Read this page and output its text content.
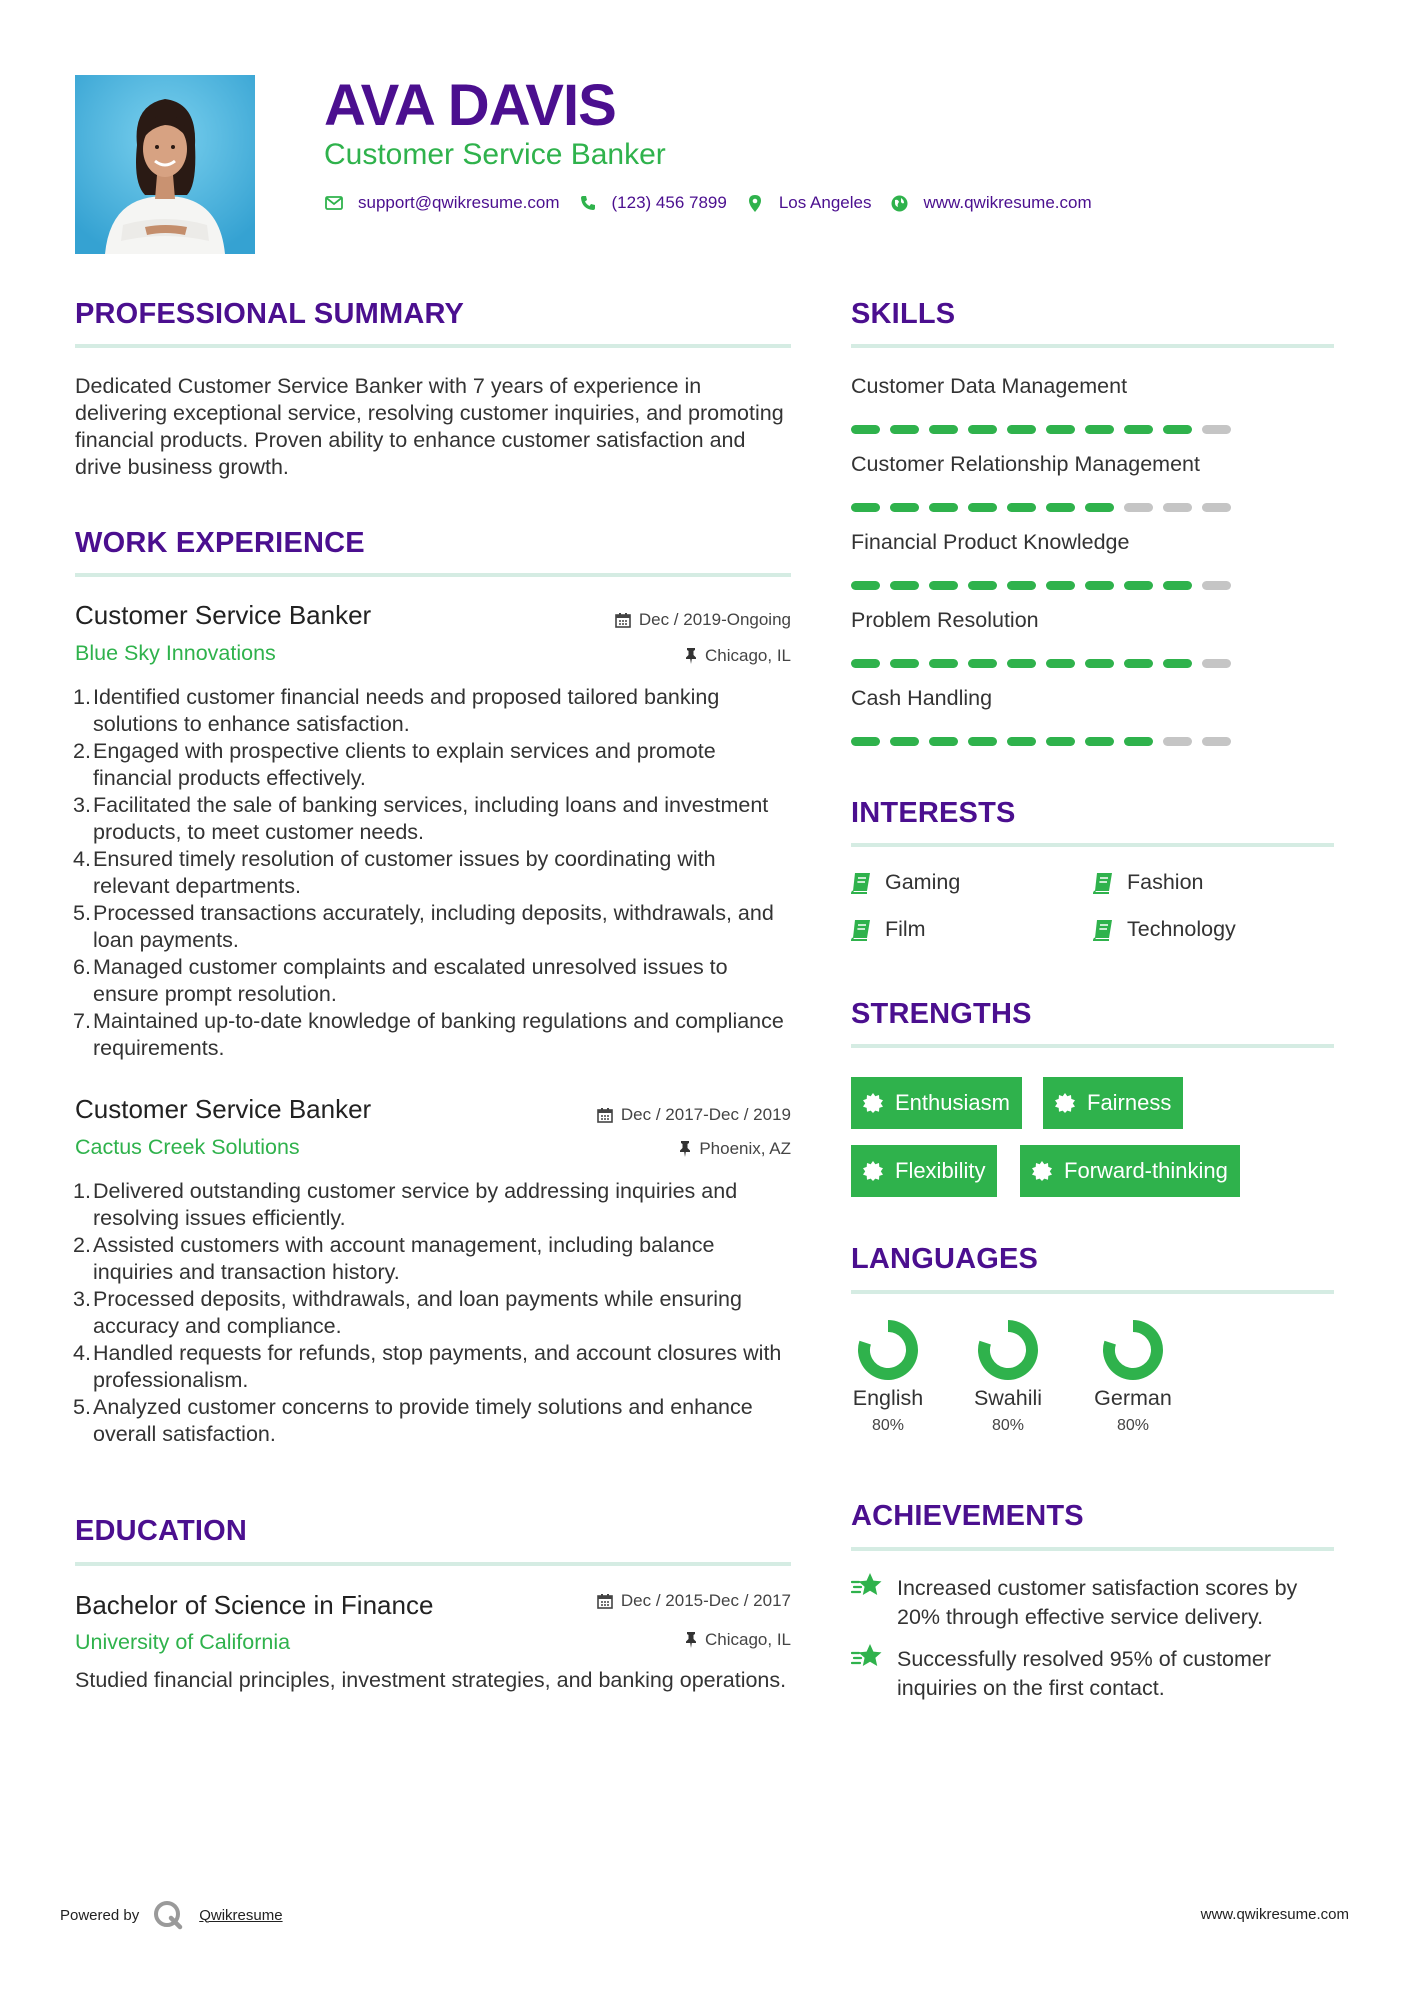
AVA DAVIS
Customer Service Banker
support@qwikresume.com	(123) 456 7899	Los Angeles	www.qwikresume.com
PROFESSIONAL SUMMARY
Dedicated Customer Service Banker with 7 years of experience in delivering exceptional service, resolving customer inquiries, and promoting financial products. Proven ability to enhance customer satisfaction and drive business growth.
WORK EXPERIENCE
Customer Service Banker	Dec / 2019-Ongoing
Blue Sky Innovations	Chicago, IL
1. Identified customer financial needs and proposed tailored banking solutions to enhance satisfaction.
2. Engaged with prospective clients to explain services and promote financial products effectively.
3. Facilitated the sale of banking services, including loans and investment products, to meet customer needs.
4. Ensured timely resolution of customer issues by coordinating with relevant departments.
5. Processed transactions accurately, including deposits, withdrawals, and loan payments.
6. Managed customer complaints and escalated unresolved issues to ensure prompt resolution.
7. Maintained up-to-date knowledge of banking regulations and compliance requirements.
Customer Service Banker	Dec / 2017-Dec / 2019
Cactus Creek Solutions	Phoenix, AZ
1. Delivered outstanding customer service by addressing inquiries and resolving issues efficiently.
2. Assisted customers with account management, including balance inquiries and transaction history.
3. Processed deposits, withdrawals, and loan payments while ensuring accuracy and compliance.
4. Handled requests for refunds, stop payments, and account closures with professionalism.
5. Analyzed customer concerns to provide timely solutions and enhance overall satisfaction.
EDUCATION
Bachelor of Science in Finance	Dec / 2015-Dec / 2017
University of California	Chicago, IL
Studied financial principles, investment strategies, and banking operations.
SKILLS
Customer Data Management
Customer Relationship Management
Financial Product Knowledge
Problem Resolution
Cash Handling
INTERESTS
Gaming	Fashion
Film	Technology
STRENGTHS
Enthusiasm	Fairness
Flexibility	Forward-thinking
LANGUAGES
English
80%
Swahili
80%
German
80%
ACHIEVEMENTS
Increased customer satisfaction scores by 20% through effective service delivery.
Successfully resolved 95% of customer inquiries on the first contact.
Powered by	Qwikresume	www.qwikresume.com
